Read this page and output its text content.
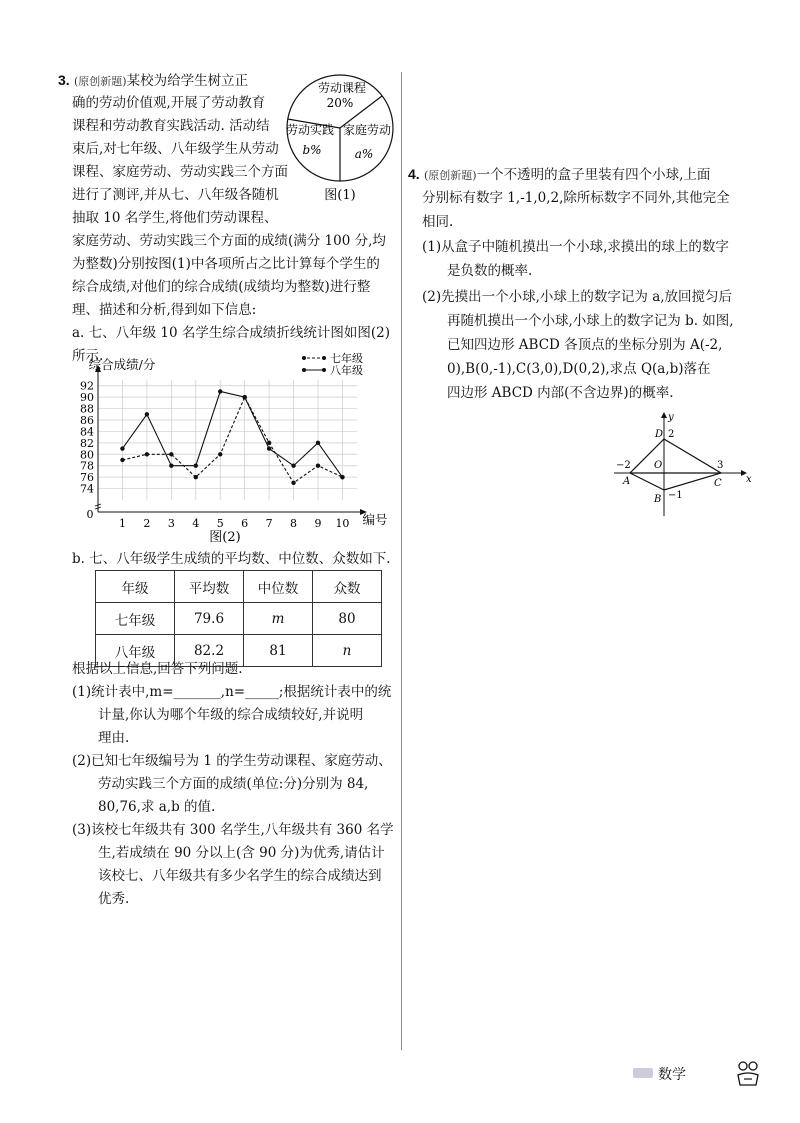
3. (原创新题)某校为给学生树立正
确的劳动价值观,开展了劳动教育
课程和劳动教育实践活动. 活动结
束后,对七年级、八年级学生从劳动
课程、家庭劳动、劳动实践三个方面
进行了测评,并从七、八年级各随机
抽取 10 名学生,将他们劳动课程、
家庭劳动、劳动实践三个方面的成绩(满分 100 分,均
为整数)分别按图(1)中各项所占之比计算每个学生的
综合成绩,对他们的综合成绩(成绩均为整数)进行整
理、描述和分析,得到如下信息:
a. 七、八年级 10 名学生综合成绩折线统计图如图(2)
所示.
劳动课程
20%
劳动实践
b%
家庭劳动
a%
图(1)
74
76
78
80
82
84
86
88
90
92
1 2 3 4 5 6 7 8 9 10
七年级
八年级
综合成绩/分
编号
0
图(2)
b. 七、八年级学生成绩的平均数、中位数、众数如下.
年级	平均数	中位数	众数
七年级	79.6	m	80
八年级	82.2	81	n
根据以上信息,回答下列问题.
(1)统计表中,m=_______,n=_____;根据统计表中的统
计量,你认为哪个年级的综合成绩较好,并说明
理由.
(2)已知七年级编号为 1 的学生劳动课程、家庭劳动、
劳动实践三个方面的成绩(单位:分)分别为 84,
80,76,求 a,b 的值.
(3)该校七年级共有 300 名学生,八年级共有 360 名学
生,若成绩在 90 分以上(含 90 分)为优秀,请估计
该校七、八年级共有多少名学生的综合成绩达到
优秀.
4. (原创新题)一个不透明的盒子里装有四个小球,上面
分别标有数字 1,-1,0,2,除所标数字不同外,其他完全
相同.
(1)从盒子中随机摸出一个小球,求摸出的球上的数字
是负数的概率.
(2)先摸出一个小球,小球上的数字记为 a,放回搅匀后
再随机摸出一个小球,小球上的数字记为 b. 如图,
已知四边形 ABCD 各顶点的坐标分别为 A(-2,
0),B(0,-1),C(3,0),D(0,2),求点 Q(a,b)落在
四边形 ABCD 内部(不含边界)的概率.
x
y
D 2
O
−2
A
3
C
B −1
数学
